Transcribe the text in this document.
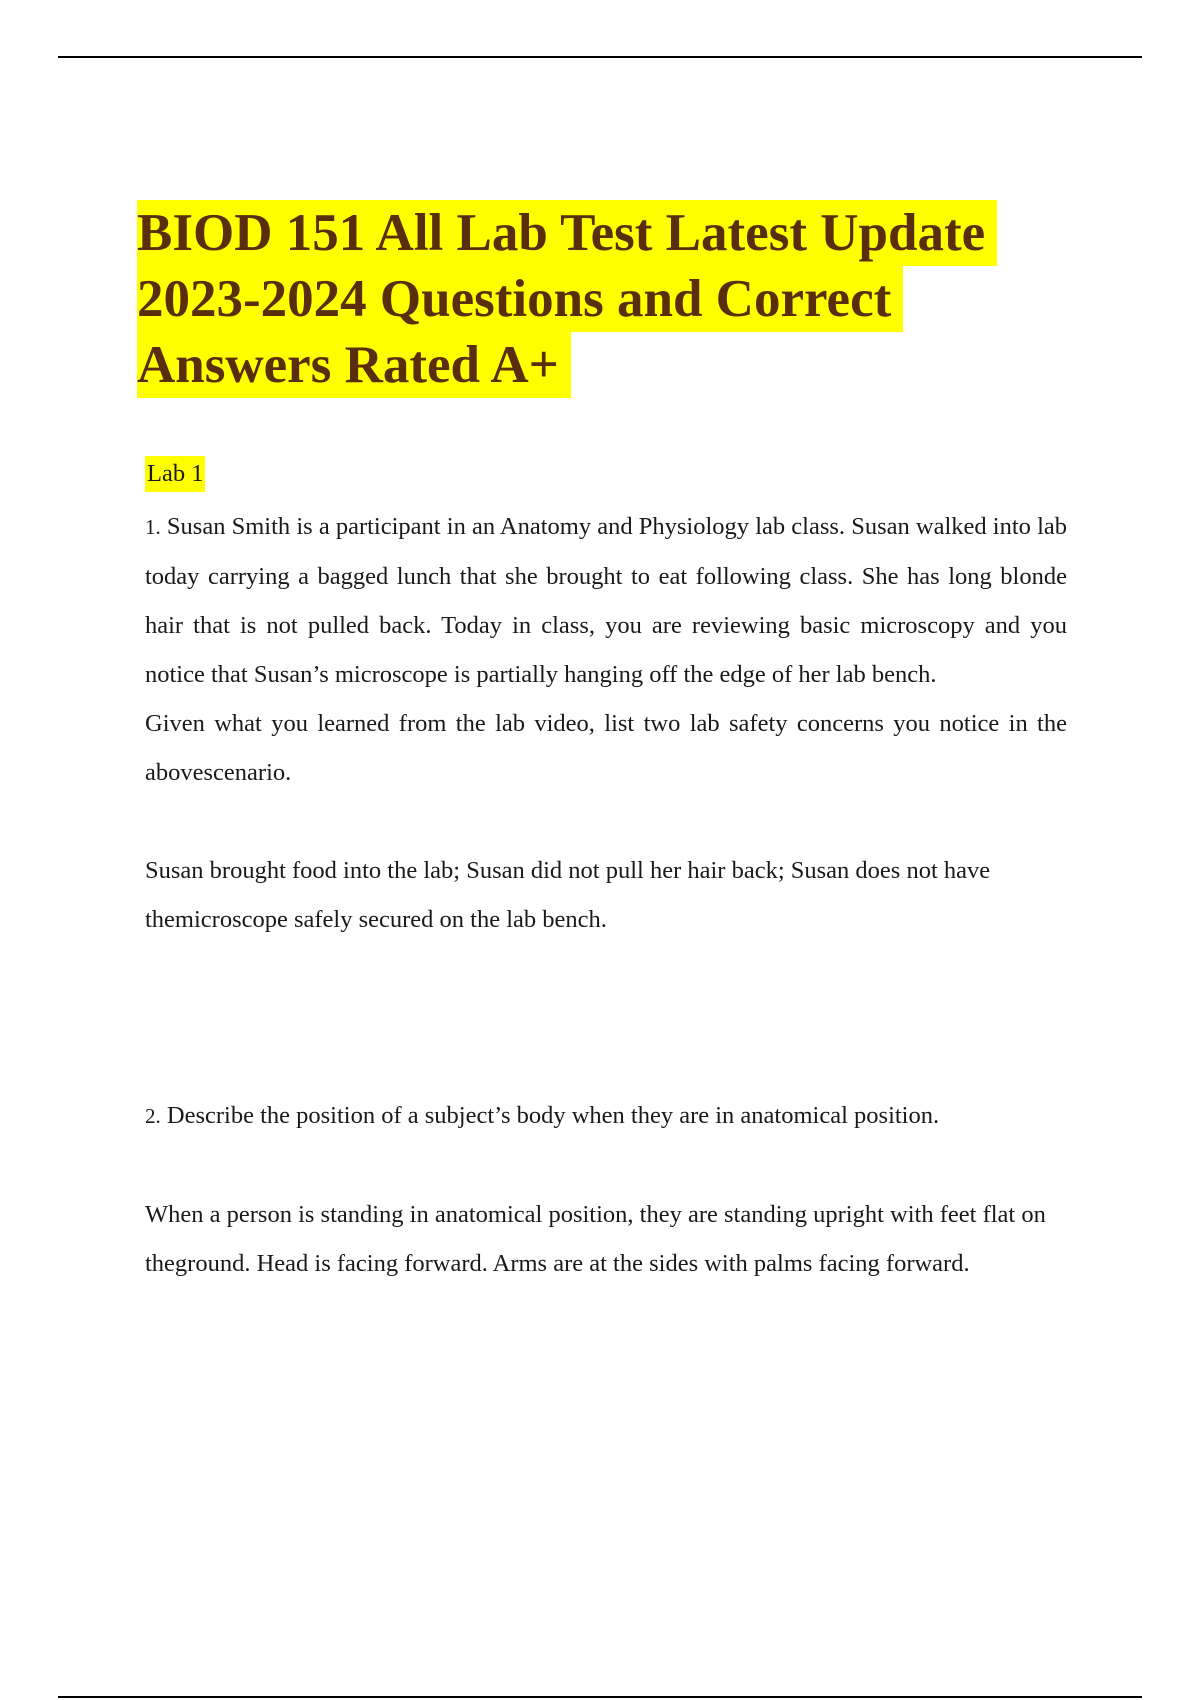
BIOD 151 All Lab Test Latest Update
2023-2024 Questions and Correct
Answers Rated A+
Lab 1

1. Susan Smith is a participant in an Anatomy and Physiology lab class. Susan walked into lab today carrying a bagged lunch that she brought to eat following class. She has long blonde hair that is not pulled back. Today in class, you are reviewing basic microscopy and you notice that Susan’s microscope is partially hanging off the edge of her lab bench.

Given what you learned from the lab video, list two lab safety concerns you notice in the abovescenario.

Susan brought food into the lab; Susan did not pull her hair back; Susan does not have themicroscope safely secured on the lab bench.

2. Describe the position of a subject’s body when they are in anatomical position.

When a person is standing in anatomical position, they are standing upright with feet flat on theground. Head is facing forward. Arms are at the sides with palms facing forward.
